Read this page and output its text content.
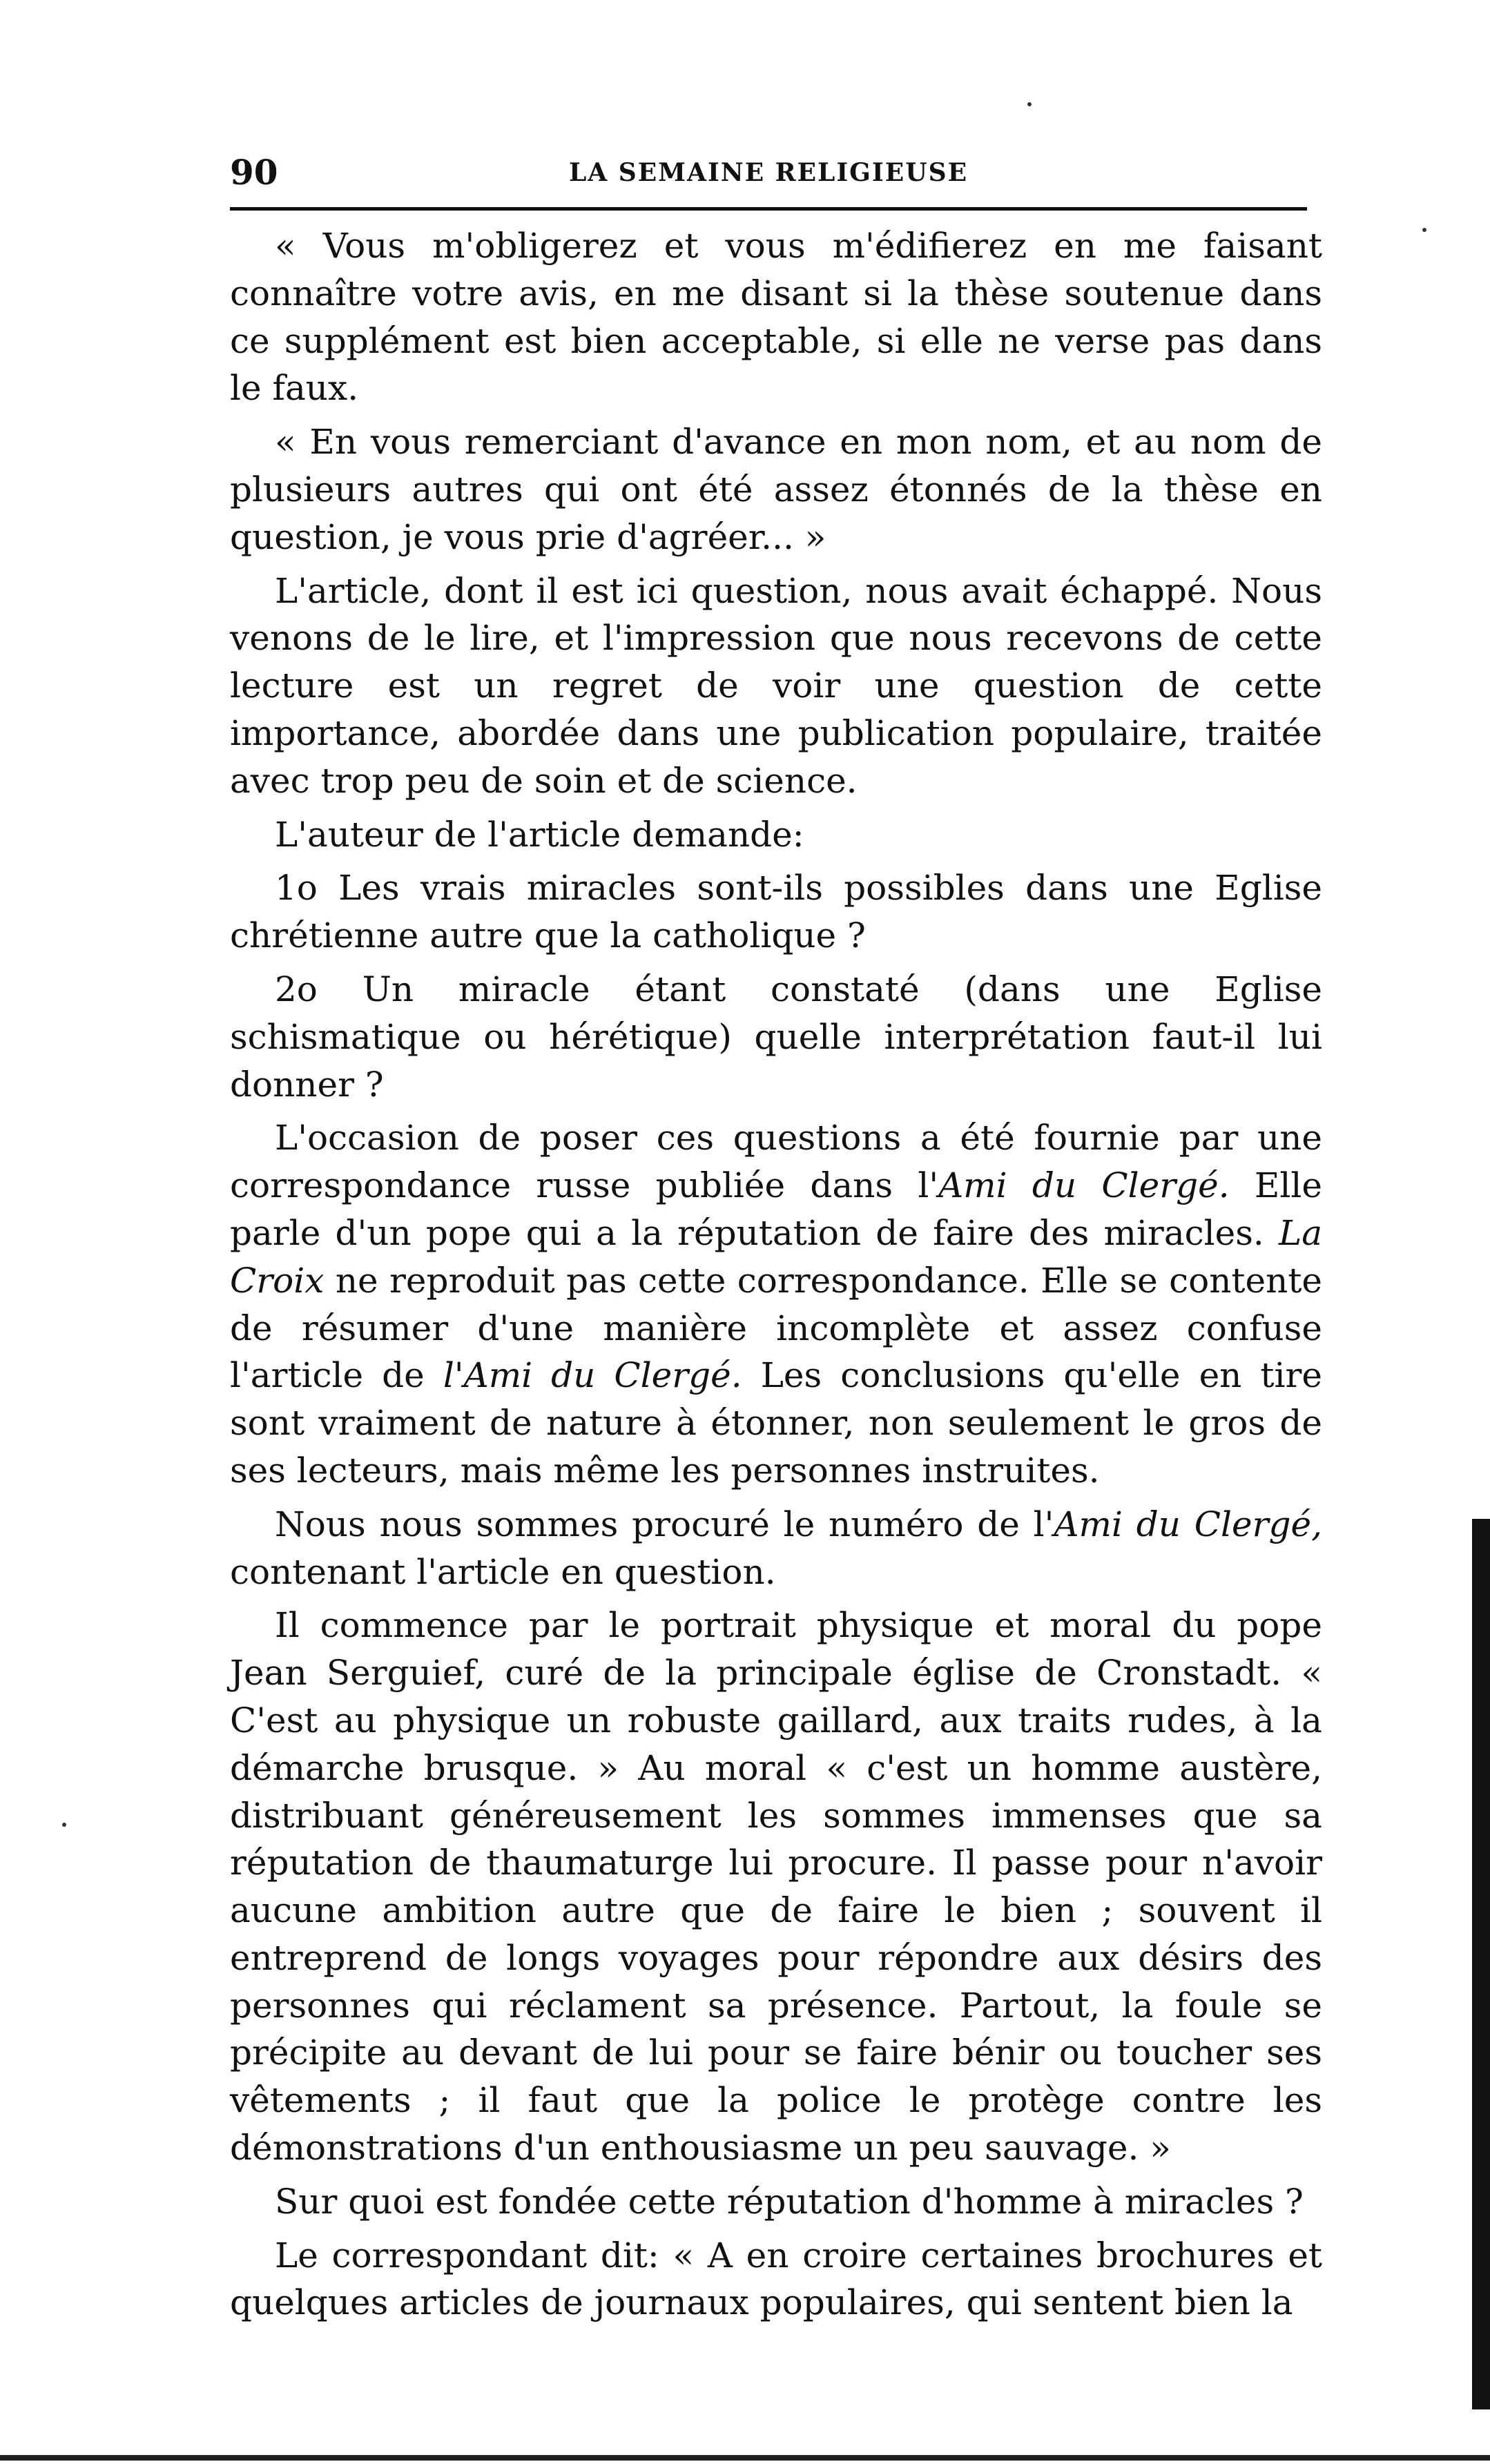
90	LA SEMAINE RELIGIEUSE

« Vous m'obligerez et vous m'édifierez en me faisant connaître votre avis, en me disant si la thèse soutenue dans ce supplément est bien acceptable, si elle ne verse pas dans le faux.

« En vous remerciant d'avance en mon nom, et au nom de plusieurs autres qui ont été assez étonnés de la thèse en question, je vous prie d'agréer... »

L'article, dont il est ici question, nous avait échappé. Nous venons de le lire, et l'impression que nous recevons de cette lecture est un regret de voir une question de cette importance, abordée dans une publication populaire, traitée avec trop peu de soin et de science.

L'auteur de l'article demande:

1o Les vrais miracles sont-ils possibles dans une Eglise chrétienne autre que la catholique ?

2o Un miracle étant constaté (dans une Eglise schismatique ou hérétique) quelle interprétation faut-il lui donner ?

L'occasion de poser ces questions a été fournie par une correspondance russe publiée dans l'Ami du Clergé. Elle parle d'un pope qui a la réputation de faire des miracles. La Croix ne reproduit pas cette correspondance. Elle se contente de résumer d'une manière incomplète et assez confuse l'article de l'Ami du Clergé. Les conclusions qu'elle en tire sont vraiment de nature à étonner, non seulement le gros de ses lecteurs, mais même les personnes instruites.

Nous nous sommes procuré le numéro de l'Ami du Clergé, contenant l'article en question.

Il commence par le portrait physique et moral du pope Jean Serguief, curé de la principale église de Cronstadt. « C'est au physique un robuste gaillard, aux traits rudes, à la démarche brusque. » Au moral « c'est un homme austère, distribuant généreusement les sommes immenses que sa réputation de thaumaturge lui procure. Il passe pour n'avoir aucune ambition autre que de faire le bien ; souvent il entreprend de longs voyages pour répondre aux désirs des personnes qui réclament sa présence. Partout, la foule se précipite au devant de lui pour se faire bénir ou toucher ses vêtements ; il faut que la police le protège contre les démonstrations d'un enthousiasme un peu sauvage. »

Sur quoi est fondée cette réputation d'homme à miracles ?

Le correspondant dit: « A en croire certaines brochures et quelques articles de journaux populaires, qui sentent bien la
